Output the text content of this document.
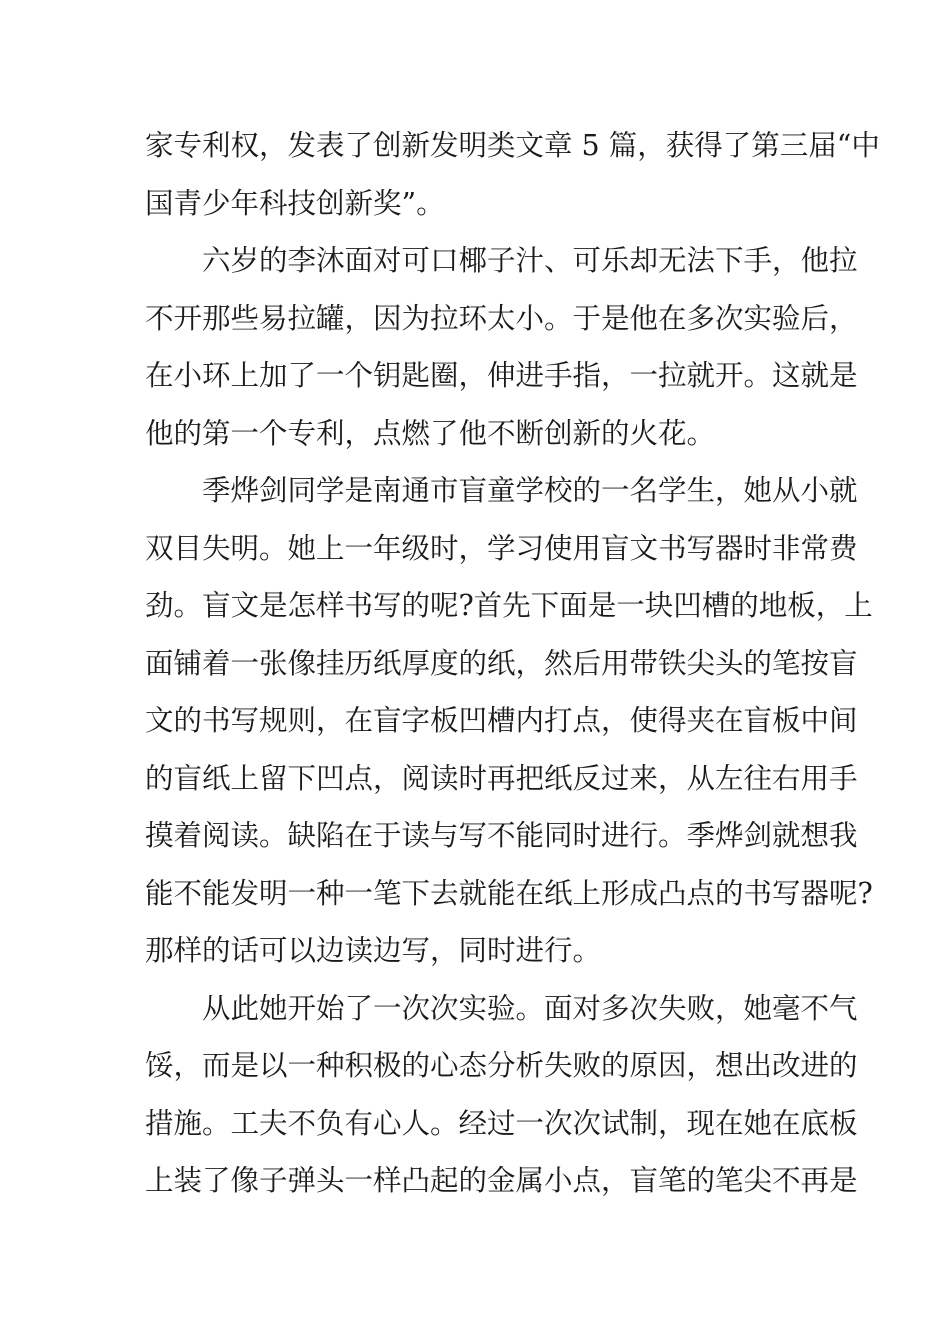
家专利权，发表了创新发明类文章 5 篇，获得了第三届“中
国青少年科技创新奖”。
六岁的李沐面对可口椰子汁、可乐却无法下手，他拉
不开那些易拉罐，因为拉环太小。于是他在多次实验后，
在小环上加了一个钥匙圈，伸进手指，一拉就开。这就是
他的第一个专利，点燃了他不断创新的火花。
季烨剑同学是南通市盲童学校的一名学生，她从小就
双目失明。她上一年级时，学习使用盲文书写器时非常费
劲。盲文是怎样书写的呢?首先下面是一块凹槽的地板，上
面铺着一张像挂历纸厚度的纸，然后用带铁尖头的笔按盲
文的书写规则，在盲字板凹槽内打点，使得夹在盲板中间
的盲纸上留下凹点，阅读时再把纸反过来，从左往右用手
摸着阅读。缺陷在于读与写不能同时进行。季烨剑就想我
能不能发明一种一笔下去就能在纸上形成凸点的书写器呢?
那样的话可以边读边写，同时进行。
从此她开始了一次次实验。面对多次失败，她毫不气
馁，而是以一种积极的心态分析失败的原因，想出改进的
措施。工夫不负有心人。经过一次次试制，现在她在底板
上装了像子弹头一样凸起的金属小点，盲笔的笔尖不再是
